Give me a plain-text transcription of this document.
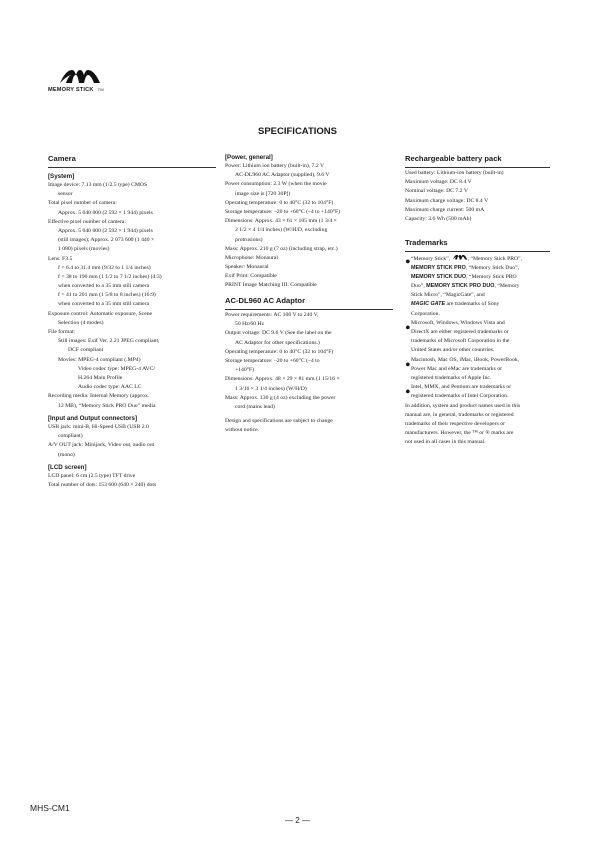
MEMORY STICK TM
SPECIFICATIONS
Camera
[System]
Image device: 7.13 mm (1/2.5 type) CMOS
sensor
Total pixel number of camera:
Approx. 5 040 000 (2 592 × 1 944) pixels
Effective pixel number of camera:
Approx. 5 040 000 (2 592 × 1 944) pixels
(still images); Approx. 2 073 600 (1 440 ×
1 080) pixels (movies)
Lens: F3.5
f = 6.4 to 31.4 mm (9/32 to 1 1/4 inches)
f = 38 to 190 mm (1 1/2 to 7 1/2 inches) (4:3)
when converted to a 35 mm still camera
f = 41 to 201 mm (1 5/8 to 8 inches) (16:9)
when converted to a 35 mm still camera
Exposure control: Automatic exposure, Scene
Selection (4 modes)
File format:
Still images: Exif Ver. 2.21 JPEG compliant,
DCF compliant
Movies: MPEG-4 compliant (.MP4)
Video codec type: MPEG-4 AVC/
H.264 Main Profile
Audio codec type: AAC LC
Recording media: Internal Memory (approx.
12 MB), “Memory Stick PRO Duo” media
[Input and Output connectors]
USB jack: mini-B, Hi-Speed USB (USB 2.0
compliant)
A/V OUT jack: Minijack, Video out, audio out
(mono)
[LCD screen]
LCD panel: 6 cm (2.5 type) TFT drive
Total number of dots: 153 600 (640 × 240) dots
[Power, general]
Power: Lithium ion battery (built-in), 7.2 V
AC-DL960 AC Adaptor (supplied), 9.6 V
Power consumption: 2.3 W (when the movie
image size is [720 30P])
Operating temperature: 0 to 40°C (32 to 104°F)
Storage temperature: –20 to +60°C (–4 to +140°F)
Dimensions: Approx. 43 × 61 × 105 mm (1 3/4 ×
2 1/2 × 4 1/4 inches) (W/H/D, excluding
protrusions)
Mass: Approx. 210 g (7 oz) (including strap, etc.)
Microphone: Monaural
Speaker: Monaural
Exif Print: Compatible
PRINT Image Matching III: Compatible
AC-DL960 AC Adaptor
Power requirements: AC 100 V to 240 V,
50 Hz/60 Hz
Output voltage: DC 9.6 V (See the label on the
AC Adaptor for other specifications.)
Operating temperature: 0 to 40°C (32 to 104°F)
Storage temperature: –20 to +60°C (–4 to
+140°F)
Dimensions: Approx. 48 × 29 × 81 mm (1 15/16 ×
1 3/16 × 3 1/4 inches) (W/H/D)
Mass: Approx. 130 g (4 oz) excluding the power
cord (mains lead)
Design and specifications are subject to change
without notice.
Rechargeable battery pack
Used battery: Lithium-ion battery (built-in)
Maximum voltage: DC 8.4 V
Nominal voltage: DC 7.2 V
Maximum charge voltage: DC 8.4 V
Maximum charge current: 500 mA
Capacity: 3.6 Wh (500 mAh)
Trademarks
• “Memory Stick”,	, “Memory Stick PRO”,
MEMORY STICK PRO, “Memory Stick Duo”,
MEMORY STICK DUO, “Memory Stick PRO
Duo”, MEMORY STICK PRO DUO, “Memory
Stick Micro”, “MagicGate”, and
MAGIC GATE are trademarks of Sony
Corporation.
• Microsoft, Windows, Windows Vista and
DirectX are either registered trademarks or
trademarks of Microsoft Corporation in the
United States and/or other countries.
• Macintosh, Mac OS, iMac, iBook, PowerBook,
Power Mac and eMac are trademarks or
registered trademarks of Apple Inc.
• Intel, MMX, and Pentium are trademarks or
registered trademarks of Intel Corporation.
In addition, system and product names used in this
manual are, in general, trademarks or registered
trademarks of their respective developers or
manufacturers. However, the ™ or ® marks are
not used in all cases in this manual.
MHS-CM1
— 2 —
